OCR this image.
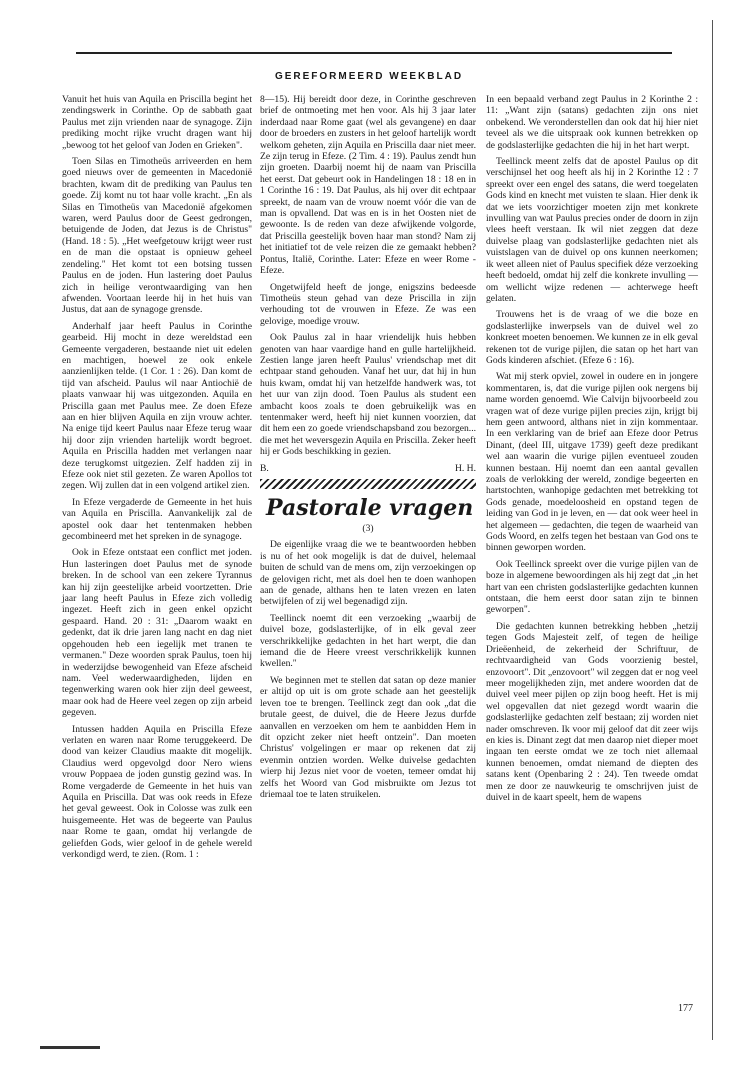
GEREFORMEERD WEEKBLAD

Vanuit het huis van Aquila en Priscilla begint het zendingswerk in Corinthe. Op de sabbath gaat Paulus met zijn vrienden naar de synagoge. Zijn prediking mocht rijke vrucht dragen want hij „bewoog tot het geloof van Joden en Grieken".

Toen Silas en Timotheüs arriveerden en hem goed nieuws over de gemeenten in Macedonië brachten, kwam dit de prediking van Paulus ten goede. Zij komt nu tot haar volle kracht. „En als Silas en Timotheüs van Macedonië afgekomen waren, werd Paulus door de Geest gedrongen, betuigende de Joden, dat Jezus is de Christus" (Hand. 18 : 5). „Het weefgetouw krijgt weer rust en de man die opstaat is opnieuw geheel zendeling." Het komt tot een botsing tussen Paulus en de joden. Hun lastering doet Paulus zich in heilige verontwaardiging van hen afwenden. Voortaan leerde hij in het huis van Justus, dat aan de synagoge grensde.

Anderhalf jaar heeft Paulus in Corinthe gearbeid. Hij mocht in deze wereldstad een Gemeente vergaderen, bestaande niet uit edelen en machtigen, hoewel ze ook enkele aanzienlijken telde. (1 Cor. 1 : 26). Dan komt de tijd van afscheid. Paulus wil naar Antiochië de plaats vanwaar hij was uitgezonden. Aquila en Priscilla gaan met Paulus mee. Ze doen Efeze aan en hier blijven Aquila en zijn vrouw achter. Na enige tijd keert Paulus naar Efeze terug waar hij door zijn vrienden hartelijk wordt begroet. Aquila en Priscilla hadden met verlangen naar deze terugkomst uitgezien. Zelf hadden zij in Efeze ook niet stil gezeten. Ze waren Apollos tot zegen. Wij zullen dat in een volgend artikel zien.

In Efeze vergaderde de Gemeente in het huis van Aquila en Priscilla. Aanvankelijk zal de apostel ook daar het tentenmaken hebben gecombineerd met het spreken in de synagoge.

Ook in Efeze ontstaat een conflict met joden. Hun lasteringen doet Paulus met de synode breken. In de school van een zekere Tyrannus kan hij zijn geestelijke arbeid voortzetten. Drie jaar lang heeft Paulus in Efeze zich volledig ingezet. Heeft zich in geen enkel opzicht gespaard. Hand. 20 : 31: „Daarom waakt en gedenkt, dat ik drie jaren lang nacht en dag niet opgehouden heb een iegelijk met tranen te vermanen." Deze woorden sprak Paulus, toen hij in wederzijdse bewogenheid van Efeze afscheid nam. Veel wederwaardigheden, lijden en tegenwerking waren ook hier zijn deel geweest, maar ook had de Heere veel zegen op zijn arbeid gegeven.

Intussen hadden Aquila en Priscilla Efeze verlaten en waren naar Rome teruggekeerd. De dood van keizer Claudius maakte dit mogelijk. Claudius werd opgevolgd door Nero wiens vrouw Poppaea de joden gunstig gezind was. In Rome vergaderde de Gemeente in het huis van Aquila en Priscilla. Dat was ook reeds in Efeze het geval geweest. Ook in Colosse was zulk een huisgemeente. Het was de begeerte van Paulus naar Rome te gaan, omdat hij verlangde de geliefden Gods, wier geloof in de gehele wereld verkondigd werd, te zien. (Rom. 1 :

8—15). Hij bereidt door deze, in Corinthe geschreven brief de ontmoeting met hen voor. Als hij 3 jaar later inderdaad naar Rome gaat (wel als gevangene) en daar door de broeders en zusters in het geloof hartelijk wordt welkom geheten, zijn Aquila en Priscilla daar niet meer. Ze zijn terug in Efeze. (2 Tim. 4 : 19). Paulus zendt hun zijn groeten. Daarbij noemt hij de naam van Priscilla het eerst. Dat gebeurt ook in Handelingen 18 : 18 en in 1 Corinthe 16 : 19. Dat Paulus, als hij over dit echtpaar spreekt, de naam van de vrouw noemt vóór die van de man is opvallend. Dat was en is in het Oosten niet de gewoonte. Is de reden van deze afwijkende volgorde, dat Priscilla geestelijk boven haar man stond? Nam zij het initiatief tot de vele reizen die ze gemaakt hebben? Pontus, Italië, Corinthe. Later: Efeze en weer Rome - Efeze.

Ongetwijfeld heeft de jonge, enigszins bedeesde Timotheüs steun gehad van deze Priscilla in zijn verhouding tot de vrouwen in Efeze. Ze was een gelovige, moedige vrouw.

Ook Paulus zal in haar vriendelijk huis hebben genoten van haar vaardige hand en gulle hartelijkheid. Zestien lange jaren heeft Paulus' vriendschap met dit echtpaar stand gehouden. Vanaf het uur, dat hij in hun huis kwam, omdat hij van hetzelfde handwerk was, tot het uur van zijn dood. Toen Paulus als student een ambacht koos zoals te doen gebruikelijk was en tentenmaker werd, heeft hij niet kunnen voorzien, dat dit hem een zo goede vriendschapsband zou bezorgen... die met het weversgezin Aquila en Priscilla. Zeker heeft hij er Gods beschikking in gezien.

B.	H. H.
Pastorale vragen
(3)

De eigenlijke vraag die we te beantwoorden hebben is nu of het ook mogelijk is dat de duivel, helemaal buiten de schuld van de mens om, zijn verzoekingen op de gelovigen richt, met als doel hen te doen wanhopen aan de genade, althans hen te laten vrezen en laten betwijfelen of zij wel begenadigd zijn.

Teellinck noemt dit een verzoeking „waarbij de duivel boze, godslasterlijke, of in elk geval zeer verschrikkelijke gedachten in het hart werpt, die dan iemand die de Heere vreest verschrikkelijk kunnen kwellen."

We beginnen met te stellen dat satan op deze manier er altijd op uit is om grote schade aan het geestelijk leven toe te brengen. Teellinck zegt dan ook „dat die brutale geest, de duivel, die de Heere Jezus durfde aanvallen en verzoeken om hem te aanbidden Hem in dit opzicht zeker niet heeft ontzein". Dan moeten Christus' volgelingen er maar op rekenen dat zij evenmin ontzien worden. Welke duivelse gedachten wierp hij Jezus niet voor de voeten, temeer omdat hij zelfs het Woord van God misbruikte om Jezus tot driemaal toe te laten struikelen.

In een bepaald verband zegt Paulus in 2 Korinthe 2 : 11: „Want zijn (satans) gedachten zijn ons niet onbekend. We veronderstellen dan ook dat hij hier niet teveel als we die uitspraak ook kunnen betrekken op de godslasterlijke gedachten die hij in het hart werpt.

Teellinck meent zelfs dat de apostel Paulus op dit verschijnsel het oog heeft als hij in 2 Korinthe 12 : 7 spreekt over een engel des satans, die werd toegelaten Gods kind en knecht met vuisten te slaan. Hier denk ik dat we iets voorzichtiger moeten zijn met konkrete invulling van wat Paulus precies onder de doorn in zijn vlees heeft verstaan. Ik wil niet zeggen dat deze duivelse plaag van godslasterlijke gedachten niet als vuistslagen van de duivel op ons kunnen neerkomen; ik weet alleen niet of Paulus specifiek déze verzoeking heeft bedoeld, omdat hij zelf die konkrete invulling — om wellicht wijze redenen — achterwege heeft gelaten.

Trouwens het is de vraag of we die boze en godslasterlijke inwerpsels van de duivel wel zo konkreet moeten benoemen. We kunnen ze in elk geval rekenen tot de vurige pijlen, die satan op het hart van Gods kinderen afschiet. (Efeze 6 : 16).

Wat mij sterk opviel, zowel in oudere en in jongere kommentaren, is, dat die vurige pijlen ook nergens bij name worden genoemd. Wie Calvijn bijvoorbeeld zou vragen wat of deze vurige pijlen precies zijn, krijgt bij hem geen antwoord, althans niet in zijn kommentaar. In een verklaring van de brief aan Efeze door Petrus Dinant, (deel III, uitgave 1739) geeft deze predikant wel aan waarin die vurige pijlen eventueel zouden kunnen bestaan. Hij noemt dan een aantal gevallen zoals de verlokking der wereld, zondige begeerten en hartstochten, wanhopige gedachten met betrekking tot Gods genade, moedeloosheid en opstand tegen de leiding van God in je leven, en — dat ook weer heel in het algemeen — gedachten, die tegen de waarheid van Gods Woord, en zelfs tegen het bestaan van God ons te binnen geworpen worden.

Ook Teellinck spreekt over die vurige pijlen van de boze in algemene bewoordingen als hij zegt dat „in het hart van een christen godslasterlijke gedachten kunnen ontstaan, die hem eerst door satan zijn te binnen geworpen".

Die gedachten kunnen betrekking hebben „hetzij tegen Gods Majesteit zelf, of tegen de heilige Drieëenheid, de zekerheid der Schriftuur, de rechtvaardigheid van Gods voorzienig bestel, enzovoort". Dit „enzovoort" wil zeggen dat er nog veel meer mogelijkheden zijn, met andere woorden dat de duivel veel meer pijlen op zijn boog heeft. Het is mij wel opgevallen dat niet gezegd wordt waarin die godslasterlijke gedachten zelf bestaan; zij worden niet nader omschreven. Ik voor mij geloof dat dit zeer wijs en kies is. Dinant zegt dat men daarop niet dieper moet ingaan ten eerste omdat we ze toch niet allemaal kunnen benoemen, omdat niemand de diepten des satans kent (Openbaring 2 : 24). Ten tweede omdat men ze door ze nauwkeurig te omschrijven juist de duivel in de kaart speelt, hem de wapens

177
